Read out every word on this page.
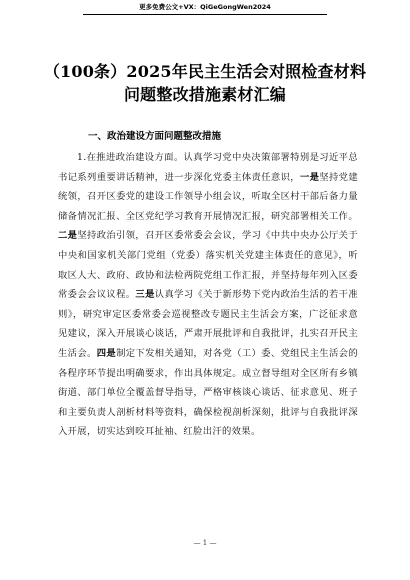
更多免费公文+VX：QiGeGongWen2024
（100条）2025年民主生活会对照检查材料问题整改措施素材汇编
一、政治建设方面问题整改措施

1.在推进政治建设方面。认真学习党中央决策部署特别是习近平总书记系列重要讲话精神，进一步深化党委主体责任意识，一是坚持党建统领，召开区委党的建设工作领导小组会议，听取全区村干部后备力量储备情况汇报、全区党纪学习教育开展情况汇报，研究部署相关工作。二是坚持政治引领，召开区委常委会会议，学习《中共中央办公厅关于中央和国家机关部门党组（党委）落实机关党建主体责任的意见》，听取区人大、政府、政协和法检两院党组工作汇报，并坚持每年列入区委常委会会议议程。三是认真学习《关于新形势下党内政治生活的若干准则》，研究审定区委常委会巡视整改专题民主生活会方案，广泛征求意见建议，深入开展谈心谈话，严肃开展批评和自我批评，扎实召开民主生活会。四是制定下发相关通知，对各党（工）委、党组民主生活会的各程序环节提出明确要求，作出具体规定。成立督导组对全区所有乡镇街道、部门单位全覆盖督导指导，严格审核谈心谈话、征求意见、班子和主要负责人剖析材料等资料，确保检视剖析深刻，批评与自我批评深入开展，切实达到咬耳扯袖、红脸出汗的效果。

— 1 —
